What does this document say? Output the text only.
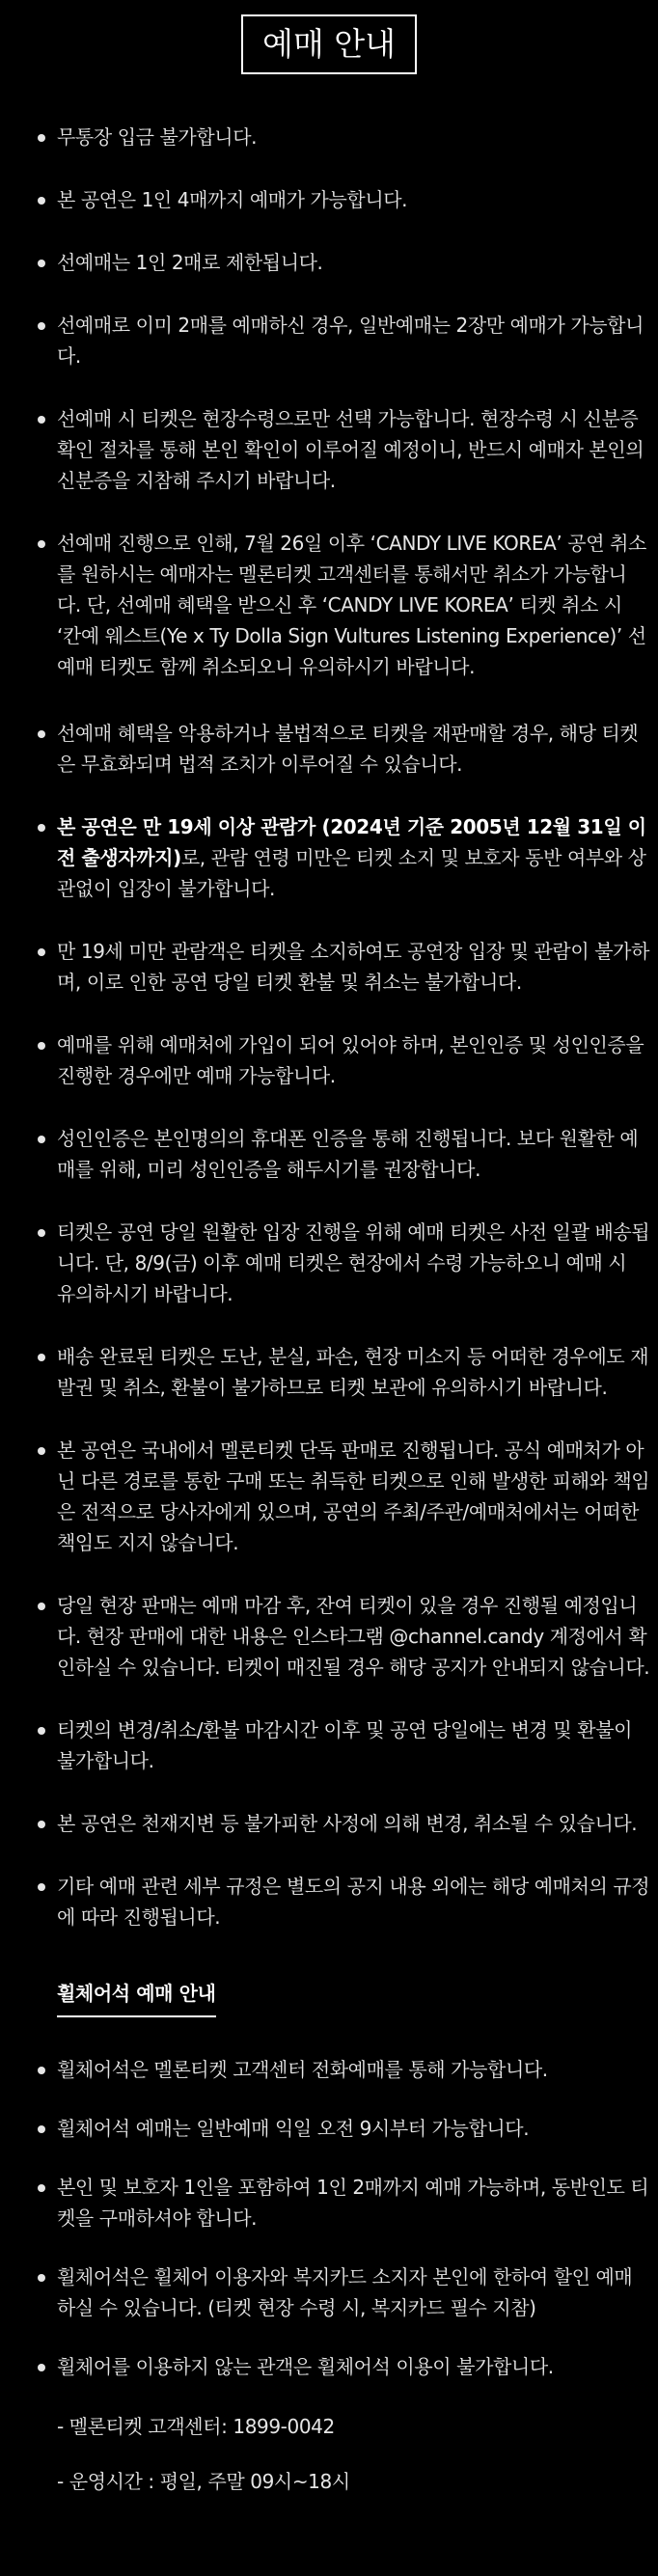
예매 안내
무통장 입금 불가합니다.
본 공연은 1인 4매까지 예매가 가능합니다.
선예매는 1인 2매로 제한됩니다.
선예매로 이미 2매를 예매하신 경우, 일반예매는 2장만 예매가 가능합니다.
선예매 시 티켓은 현장수령으로만 선택 가능합니다. 현장수령 시 신분증 확인 절차를 통해 본인 확인이 이루어질 예정이니, 반드시 예매자 본인의 신분증을 지참해 주시기 바랍니다.
선예매 진행으로 인해, 7월 26일 이후 ‘CANDY LIVE KOREA’ 공연 취소를 원하시는 예매자는 멜론티켓 고객센터를 통해서만 취소가 가능합니다. 단, 선예매 혜택을 받으신 후 ‘CANDY LIVE KOREA’ 티켓 취소 시 ‘칸예 웨스트(Ye x Ty Dolla Sign Vultures Listening Experience)’ 선예매 티켓도 함께 취소되오니 유의하시기 바랍니다.
선예매 혜택을 악용하거나 불법적으로 티켓을 재판매할 경우, 해당 티켓은 무효화되며 법적 조치가 이루어질 수 있습니다.
본 공연은 만 19세 이상 관람가 (2024년 기준 2005년 12월 31일 이전 출생자까지)로, 관람 연령 미만은 티켓 소지 및 보호자 동반 여부와 상관없이 입장이 불가합니다.
만 19세 미만 관람객은 티켓을 소지하여도 공연장 입장 및 관람이 불가하며, 이로 인한 공연 당일 티켓 환불 및 취소는 불가합니다.
예매를 위해 예매처에 가입이 되어 있어야 하며, 본인인증 및 성인인증을 진행한 경우에만 예매 가능합니다.
성인인증은 본인명의의 휴대폰 인증을 통해 진행됩니다. 보다 원활한 예매를 위해, 미리 성인인증을 해두시기를 권장합니다.
티켓은 공연 당일 원활한 입장 진행을 위해 예매 티켓은 사전 일괄 배송됩니다. 단, 8/9(금) 이후 예매 티켓은 현장에서 수령 가능하오니 예매 시 유의하시기 바랍니다.
배송 완료된 티켓은 도난, 분실, 파손, 현장 미소지 등 어떠한 경우에도 재발권 및 취소, 환불이 불가하므로 티켓 보관에 유의하시기 바랍니다.
본 공연은 국내에서 멜론티켓 단독 판매로 진행됩니다. 공식 예매처가 아닌 다른 경로를 통한 구매 또는 취득한 티켓으로 인해 발생한 피해와 책임은 전적으로 당사자에게 있으며, 공연의 주최/주관/예매처에서는 어떠한 책임도 지지 않습니다.
당일 현장 판매는 예매 마감 후, 잔여 티켓이 있을 경우 진행될 예정입니다. 현장 판매에 대한 내용은 인스타그램 @channel.candy 계정에서 확인하실 수 있습니다. 티켓이 매진될 경우 해당 공지가 안내되지 않습니다.
티켓의 변경/취소/환불 마감시간 이후 및 공연 당일에는 변경 및 환불이 불가합니다.
본 공연은 천재지변 등 불가피한 사정에 의해 변경, 취소될 수 있습니다.
기타 예매 관련 세부 규정은 별도의 공지 내용 외에는 해당 예매처의 규정에 따라 진행됩니다.
휠체어석 예매 안내
휠체어석은 멜론티켓 고객센터 전화예매를 통해 가능합니다.
휠체어석 예매는 일반예매 익일 오전 9시부터 가능합니다.
본인 및 보호자 1인을 포함하여 1인 2매까지 예매 가능하며, 동반인도 티켓을 구매하셔야 합니다.
휠체어석은 휠체어 이용자와 복지카드 소지자 본인에 한하여 할인 예매하실 수 있습니다. (티켓 현장 수령 시, 복지카드 필수 지참)
휠체어를 이용하지 않는 관객은 휠체어석 이용이 불가합니다.
- 멜론티켓 고객센터: 1899-0042
- 운영시간 : 평일, 주말 09시~18시
